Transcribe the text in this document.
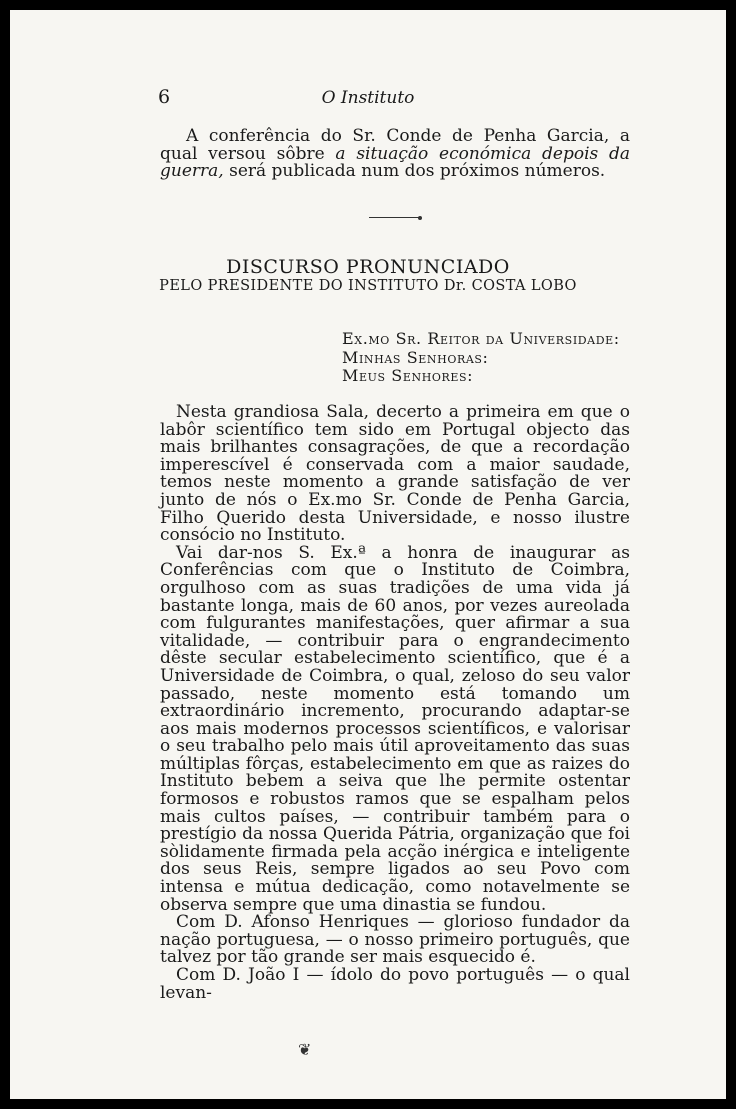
6	O Instituto

A conferência do Sr. Conde de Penha Garcia, a qual versou sôbre a situação económica depois da guerra, será publicada num dos próximos números.

DISCURSO PRONUNCIADO
PELO PRESIDENTE DO INSTITUTO Dr. COSTA LOBO
Ex.mo Sr. Reitor da Universidade:
Minhas Senhoras:
Meus Senhores:

Nesta grandiosa Sala, decerto a primeira em que o labôr scientífico tem sido em Portugal objecto das mais brilhantes consagrações, de que a recordação imperescível é conservada com a maior saudade, temos neste momento a grande satisfação de ver junto de nós o Ex.mo Sr. Conde de Penha Garcia, Filho Querido desta Universidade, e nosso ilustre consócio no Instituto.

Vai dar-nos S. Ex.ª a honra de inaugurar as Conferências com que o Instituto de Coimbra, orgulhoso com as suas tradições de uma vida já bastante longa, mais de 60 anos, por vezes aureolada com fulgurantes manifestações, quer afirmar a sua vitalidade, — contribuir para o engrandecimento dêste secular estabelecimento scientífico, que é a Universidade de Coimbra, o qual, zeloso do seu valor passado, neste momento está tomando um extraordinário incremento, procurando adaptar-se aos mais modernos processos scientíficos, e valorisar o seu trabalho pelo mais útil aproveitamento das suas múltiplas fôrças, estabelecimento em que as raizes do Instituto bebem a seiva que lhe permite ostentar formosos e robustos ramos que se espalham pelos mais cultos países, — contribuir também para o prestígio da nossa Querida Pátria, organização que foi sòlidamente firmada pela acção inérgica e inteligente dos seus Reis, sempre ligados ao seu Povo com intensa e mútua dedicação, como notavelmente se observa sempre que uma dinastia se fundou.

Com D. Afonso Henriques — glorioso fundador da nação portuguesa, — o nosso primeiro português, que talvez por tão grande ser mais esquecido é.

Com D. João I — ídolo do povo português — o qual levan-

❦
